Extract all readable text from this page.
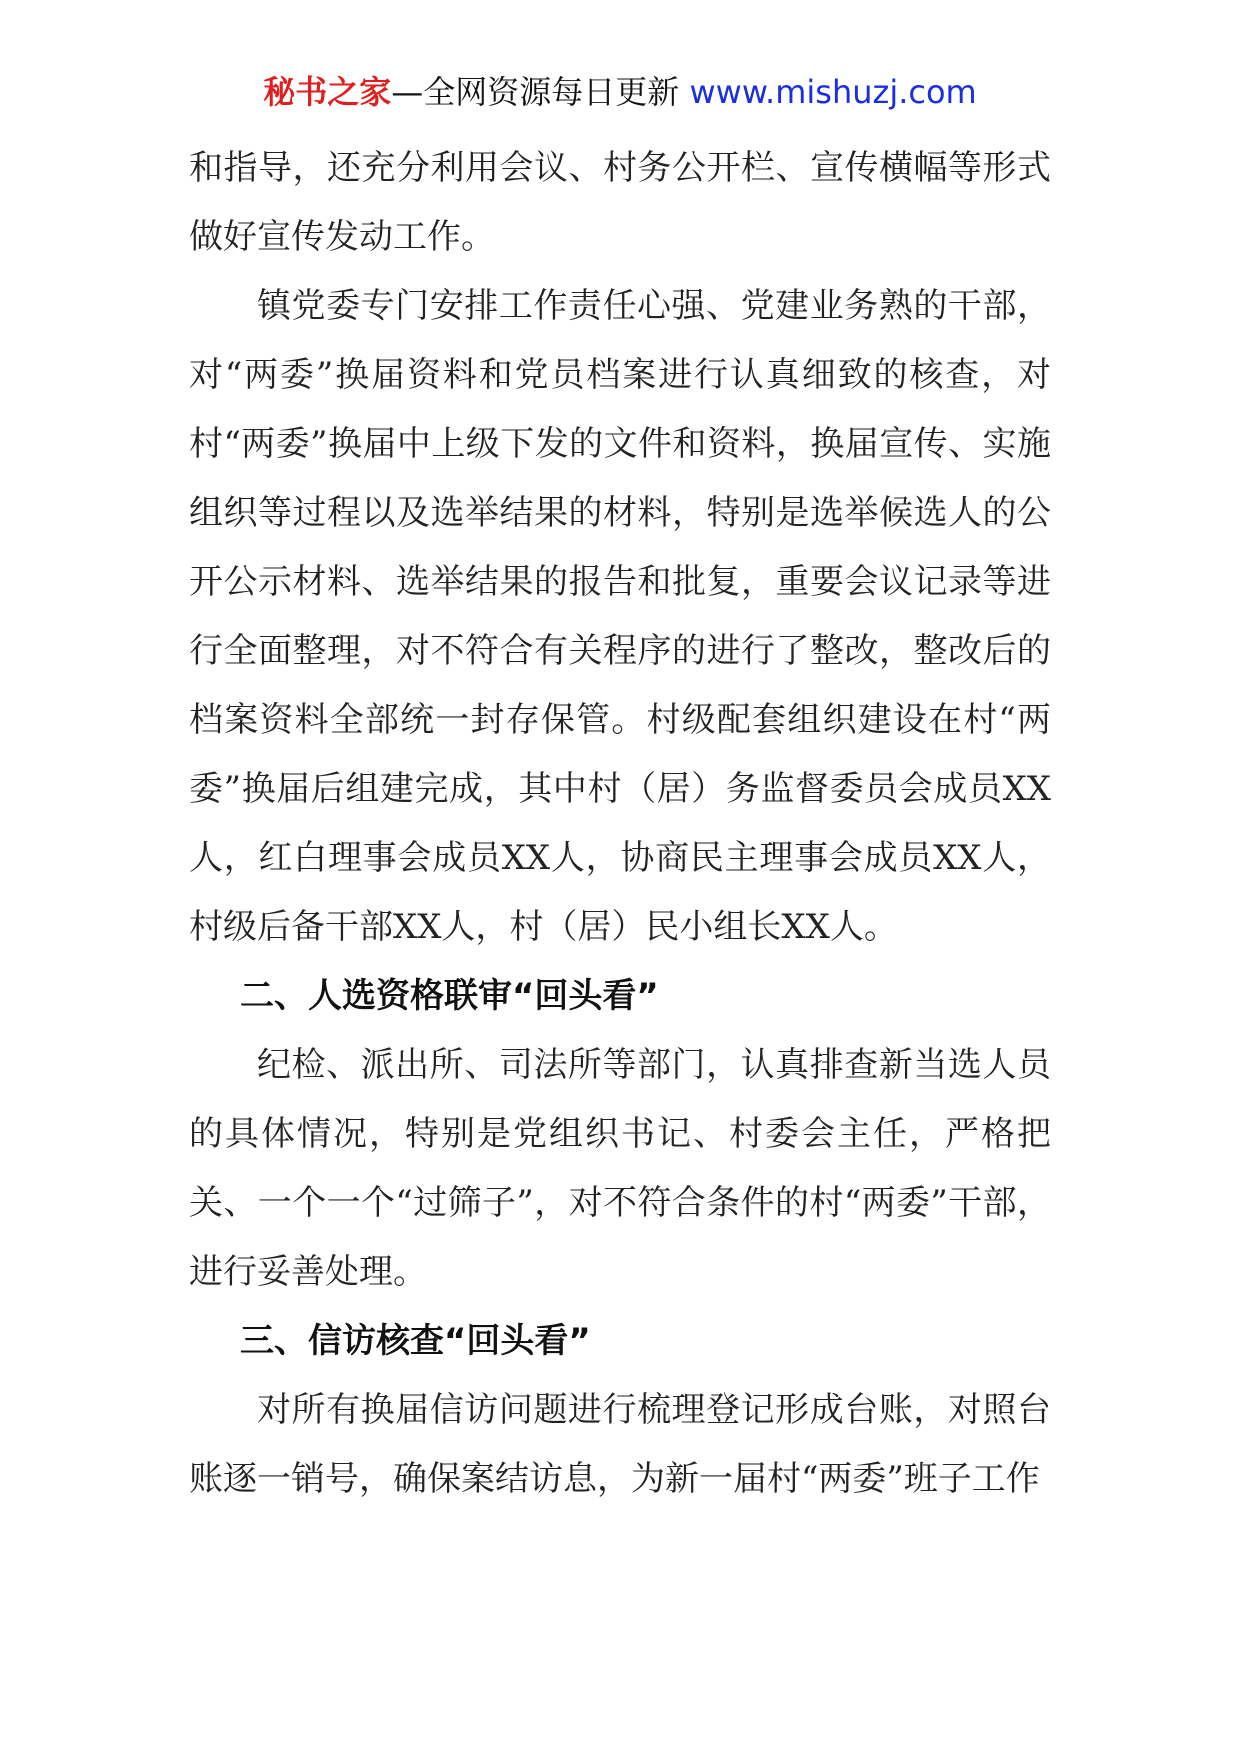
秘书之家—全网资源每日更新 www.mishuzj.com

和指导，还充分利用会议、村务公开栏、宣传横幅等形式做好宣传发动工作。

镇党委专门安排工作责任心强、党建业务熟的干部，对“两委”换届资料和党员档案进行认真细致的核查，对村“两委”换届中上级下发的文件和资料，换届宣传、实施组织等过程以及选举结果的材料，特别是选举候选人的公开公示材料、选举结果的报告和批复，重要会议记录等进行全面整理，对不符合有关程序的进行了整改，整改后的档案资料全部统一封存保管。村级配套组织建设在村“两委”换届后组建完成，其中村（居）务监督委员会成员XX人，红白理事会成员XX人，协商民主理事会成员XX人，村级后备干部XX人，村（居）民小组长XX人。

二、人选资格联审“回头看”

纪检、派出所、司法所等部门，认真排查新当选人员的具体情况，特别是党组织书记、村委会主任，严格把关、一个一个“过筛子”，对不符合条件的村“两委”干部，进行妥善处理。

三、信访核查“回头看”

对所有换届信访问题进行梳理登记形成台账，对照台账逐一销号，确保案结访息，为新一届村“两委”班子工作
